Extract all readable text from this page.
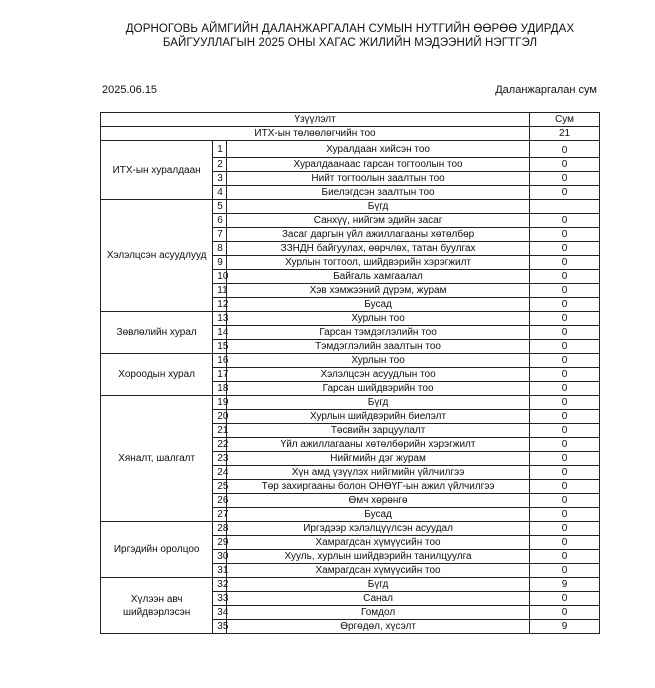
ДОРНОГОВЬ АЙМГИЙН ДАЛАНЖАРГАЛАН СУМЫН НУТГИЙН ӨӨРӨӨ УДИРДАХ
БАЙГУУЛЛАГЫН 2025 ОНЫ ХАГАС ЖИЛИЙН МЭДЭЭНИЙ НЭГТГЭЛ
2025.06.15	Даланжаргалан сум
Үзүүлэлт			Сум
ИТХ-ын төлөөлөгчийн тоо			21
ИТХ-ын хуралдаан	1	Хуралдаан хийсэн тоо	0
	2	Хуралдаанаас гарсан тогтоолын тоо	0
	3	Нийт тогтоолын заалтын тоо	0
	4	Биелэгдсэн заалтын тоо	0
Хэлэлцсэн асуудлууд	5	Бүгд	
	6	Санхүү, нийгэм эдийн засаг	0
	7	Засаг даргын үйл ажиллагааны хөтөлбөр	0
	8	ЗЗНДН байгуулах, өөрчлөх, татан буулгах	0
	9	Хурлын тогтоол, шийдвэрийн хэрэгжилт	0
	10	Байгаль хамгаалал	0
	11	Хэв хэмжээний дүрэм, журам	0
	12	Бусад	0
Зөвлөлийн хурал	13	Хурлын тоо	0
	14	Гарсан тэмдэглэлийн тоо	0
	15	Тэмдэглэлийн заалтын тоо	0
Хороодын хурал	16	Хурлын тоо	0
	17	Хэлэлцсэн асуудлын тоо	0
	18	Гарсан шийдвэрийн тоо	0
Хяналт, шалгалт	19	Бүгд	0
	20	Хурлын шийдвэрийн биелэлт	0
	21	Төсвийн зарцуулалт	0
	22	Үйл ажиллагааны хөтөлбөрийн хэрэгжилт	0
	23	Нийгмийн дэг журам	0
	24	Хүн амд үзүүлэх нийгмийн үйлчилгээ	0
	25	Төр захиргааны болон ОНӨҮГ-ын ажил үйлчилгээ	0
	26	Өмч хөрөнгө	0
	27	Бусад	0
Иргэдийн оролцоо	28	Иргэдээр хэлэлцүүлсэн асуудал	0
	29	Хамрагдсан хүмүүсийн тоо	0
	30	Хууль, хурлын шийдвэрийн танилцуулга	0
	31	Хамрагдсан хүмүүсийн тоо	0
Хүлээн авч шийдвэрлэсэн	32	Бүгд	9
	33	Санал	0
	34	Гомдол	0
	35	Өргөдөл, хүсэлт	9
